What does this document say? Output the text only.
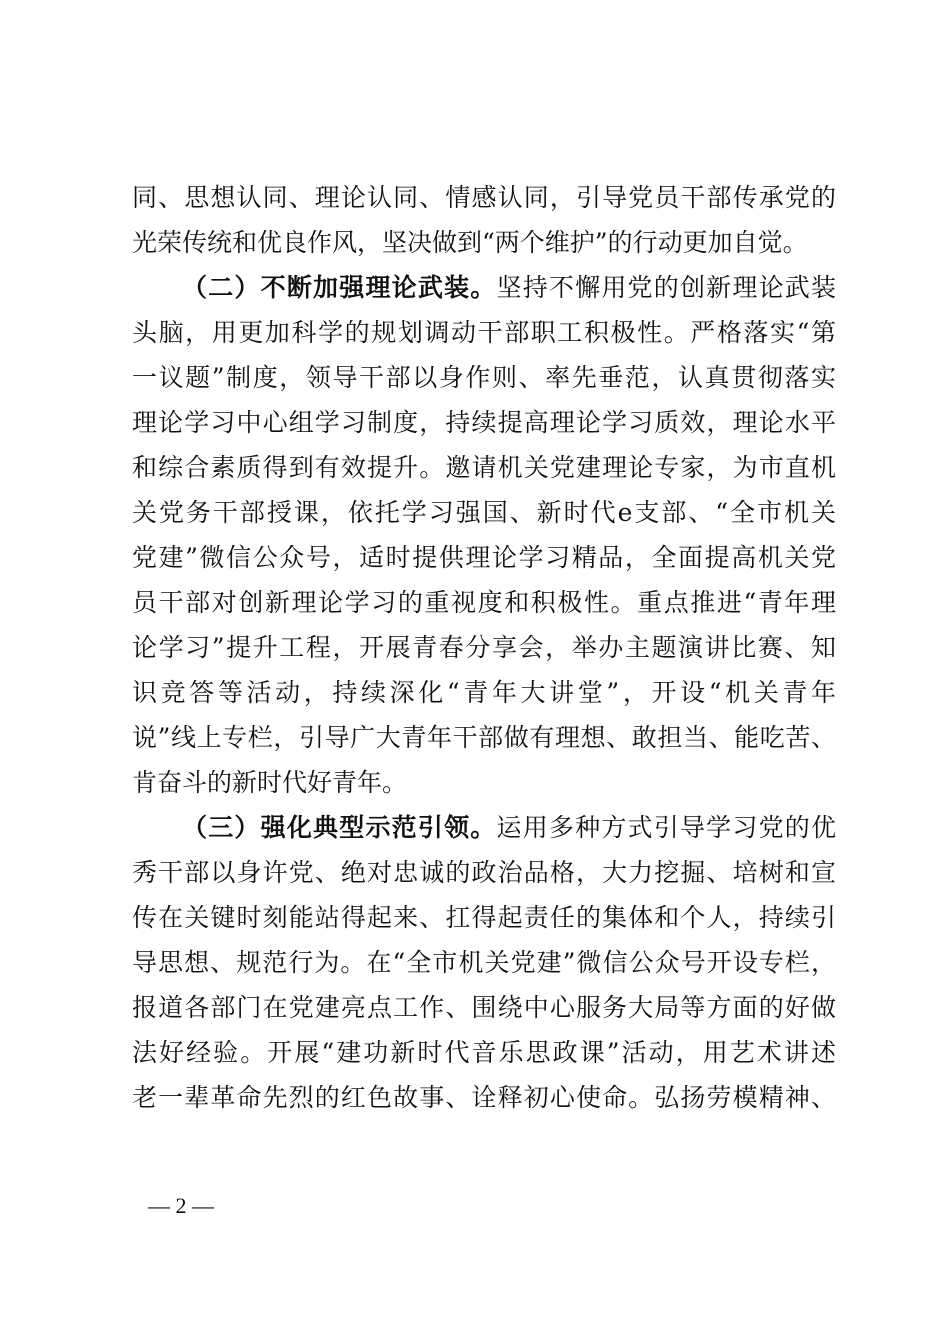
同、思想认同、理论认同、情感认同，引导党员干部传承党的
光荣传统和优良作风，坚决做到“两个维护”的行动更加自觉。
（二）不断加强理论武装。坚持不懈用党的创新理论武装
头脑，用更加科学的规划调动干部职工积极性。严格落实“第
一议题”制度，领导干部以身作则、率先垂范，认真贯彻落实
理论学习中心组学习制度，持续提高理论学习质效，理论水平
和综合素质得到有效提升。邀请机关党建理论专家，为市直机
关党务干部授课，依托学习强国、新时代e支部、“全市机关
党建”微信公众号，适时提供理论学习精品，全面提高机关党
员干部对创新理论学习的重视度和积极性。重点推进“青年理
论学习”提升工程，开展青春分享会，举办主题演讲比赛、知
识竞答等活动，持续深化“青年大讲堂”，开设“机关青年
说”线上专栏，引导广大青年干部做有理想、敢担当、能吃苦、
肯奋斗的新时代好青年。
（三）强化典型示范引领。运用多种方式引导学习党的优
秀干部以身许党、绝对忠诚的政治品格，大力挖掘、培树和宣
传在关键时刻能站得起来、扛得起责任的集体和个人，持续引
导思想、规范行为。在“全市机关党建”微信公众号开设专栏，
报道各部门在党建亮点工作、围绕中心服务大局等方面的好做
法好经验。开展“建功新时代音乐思政课”活动，用艺术讲述
老一辈革命先烈的红色故事、诠释初心使命。弘扬劳模精神、
— 2 —
